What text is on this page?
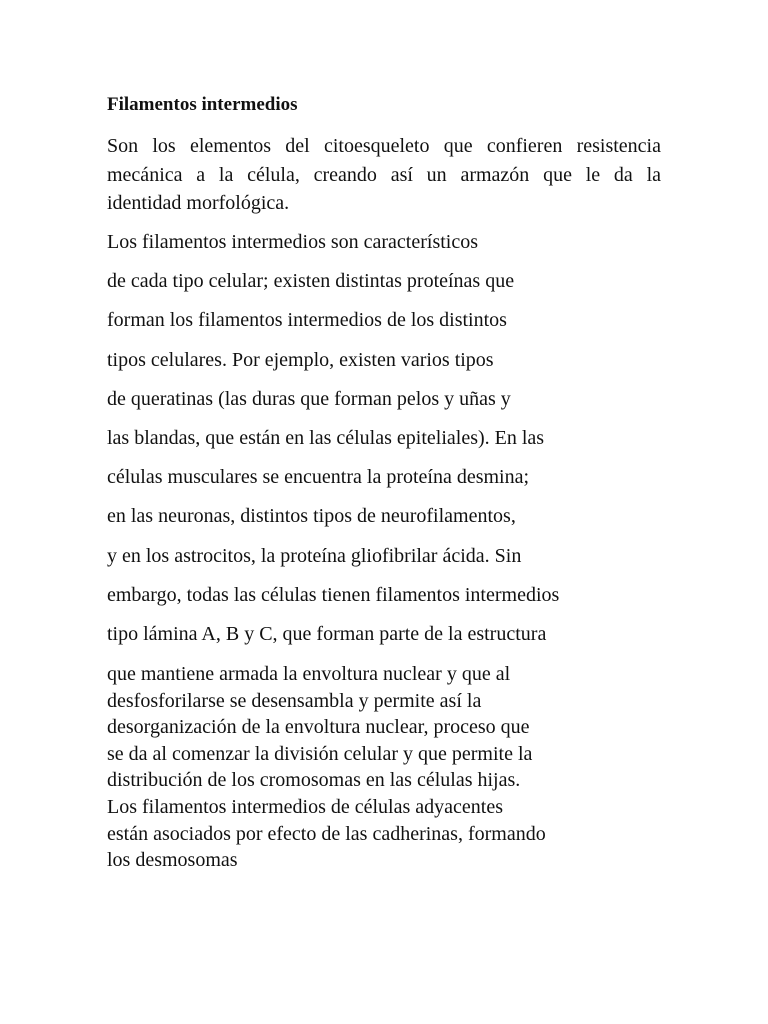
Filamentos intermedios
Son los elementos del citoesqueleto que confieren resistencia
mecánica a la célula, creando así un armazón que le da la
identidad morfológica.
Los filamentos intermedios son característicos
de cada tipo celular; existen distintas proteínas que
forman los filamentos intermedios de los distintos
tipos celulares. Por ejemplo, existen varios tipos
de queratinas (las duras que forman pelos y uñas y
las blandas, que están en las células epiteliales). En las
células musculares se encuentra la proteína desmina;
en las neuronas, distintos tipos de neurofilamentos,
y en los astrocitos, la proteína gliofibrilar ácida. Sin
embargo, todas las células tienen filamentos intermedios
tipo lámina A, B y C, que forman parte de la estructura
que mantiene armada la envoltura nuclear y que al
desfosforilarse se desensambla y permite así la
desorganización de la envoltura nuclear, proceso que
se da al comenzar la división celular y que permite la
distribución de los cromosomas en las células hijas.
Los filamentos intermedios de células adyacentes
están asociados por efecto de las cadherinas, formando
los desmosomas
